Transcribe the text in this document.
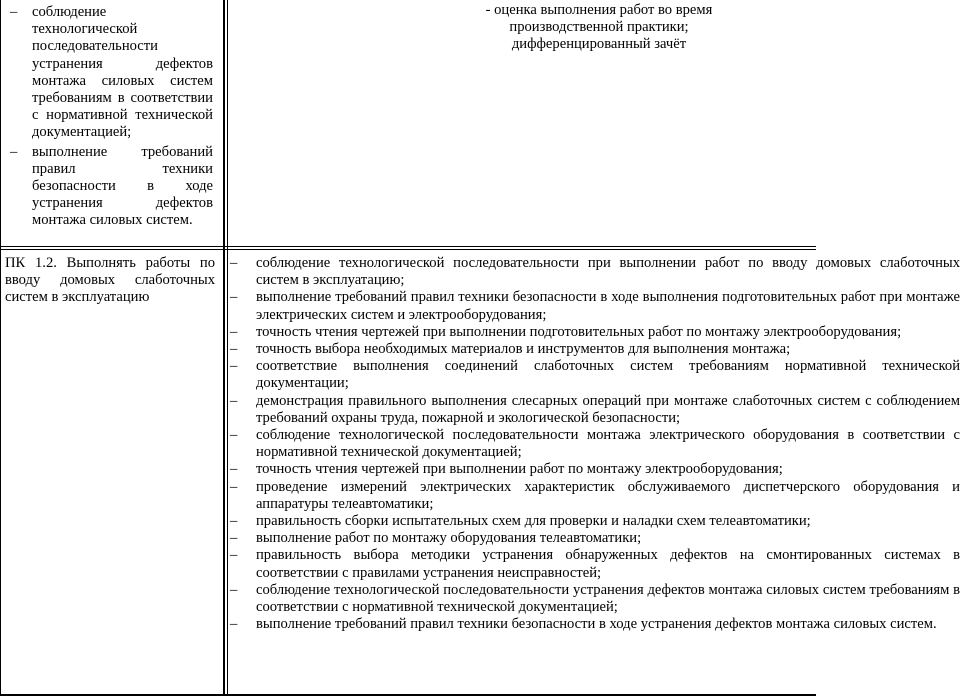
– соблюдение технологической последовательности устранения дефектов монтажа силовых систем требованиям в соответствии с нормативной технической документацией;
– выполнение требований правил техники безопасности в ходе устранения дефектов монтажа силовых систем.
- оценка выполнения работ во время
производственной практики;
дифференцированный зачёт
ПК 1.2. Выполнять работы по вводу домовых слаботочных систем в эксплуатацию
– соблюдение технологической последовательности при выполнении работ по вводу домовых слаботочных систем в эксплуатацию;
– выполнение требований правил техники безопасности в ходе выполнения подготовительных работ при монтаже электрических систем и электрооборудования;
– точность чтения чертежей при выполнении подготовительных работ по монтажу электрооборудования;
– точность выбора необходимых материалов и инструментов для выполнения монтажа;
– соответствие выполнения соединений слаботочных систем требованиям нормативной технической документации;
– демонстрация правильного выполнения слесарных операций при монтаже слаботочных систем с соблюдением требований охраны труда, пожарной и экологической безопасности;
– соблюдение технологической последовательности монтажа электрического оборудования в соответствии с нормативной технической документацией;
– точность чтения чертежей при выполнении работ по монтажу электрооборудования;
– проведение измерений электрических характеристик обслуживаемого диспетчерского оборудования и аппаратуры телеавтоматики;
– правильность сборки испытательных схем для проверки и наладки схем телеавтоматики;
– выполнение работ по монтажу оборудования телеавтоматики;
– правильность выбора методики устранения обнаруженных дефектов на смонтированных системах в соответствии с правилами устранения неисправностей;
– соблюдение технологической последовательности устранения дефектов монтажа силовых систем требованиям в соответствии с нормативной технической документацией;
– выполнение требований правил техники безопасности в ходе устранения дефектов монтажа силовых систем.
